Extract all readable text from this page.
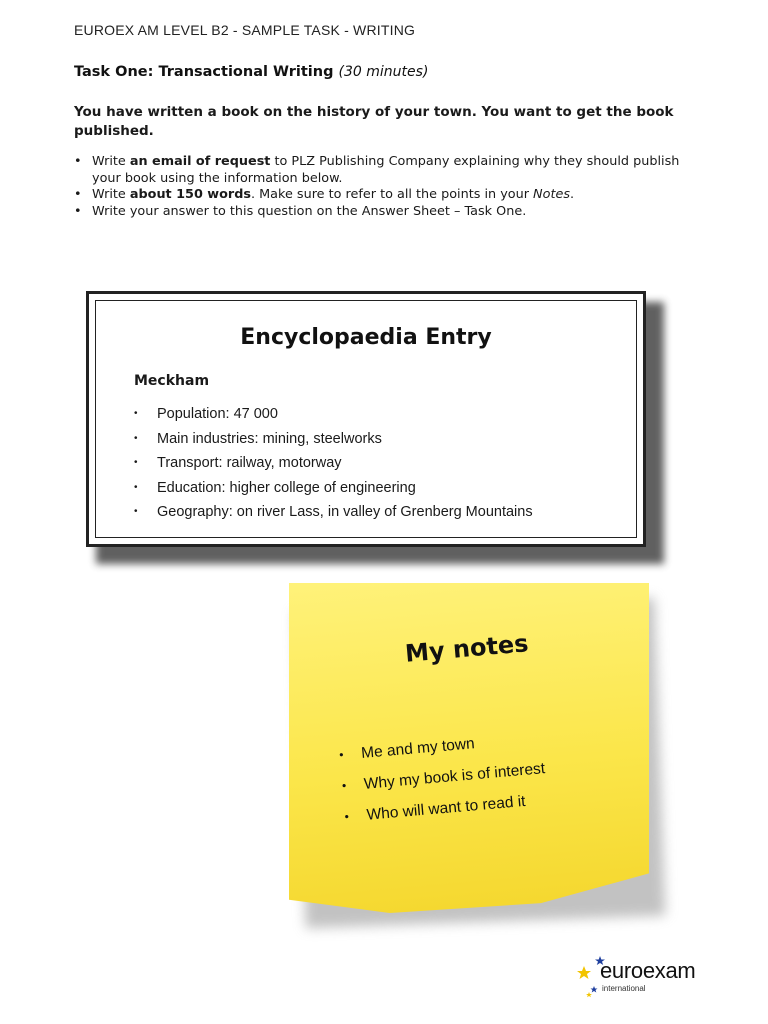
EUROEX AM LEVEL B2 - SAMPLE TASK - WRITING
Task One: Transactional Writing (30 minutes)
You have written a book on the history of your town. You want to get the book published.
• Write an email of request to PLZ Publishing Company explaining why they should publish your book using the information below.
• Write about 150 words. Make sure to refer to all the points in your Notes.
• Write your answer to this question on the Answer Sheet – Task One.
Encyclopaedia Entry
Meckham
• Population: 47 000
• Main industries: mining, steelworks
• Transport: railway, motorway
• Education: higher college of engineering
• Geography: on river Lass, in valley of Grenberg Mountains
My notes
• Me and my town
• Why my book is of interest
• Who will want to read it
euroexam
international
